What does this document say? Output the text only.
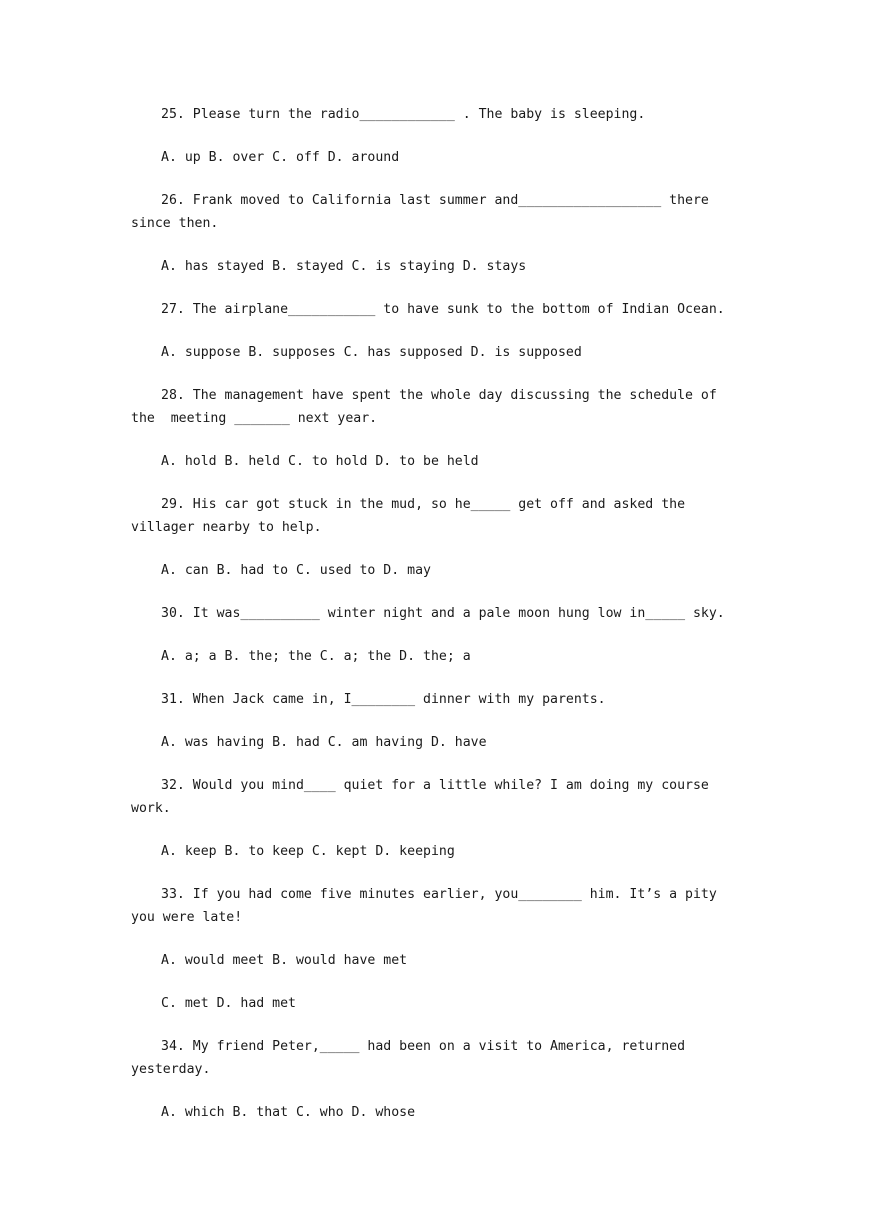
25. Please turn the radio____________ . The baby is sleeping.

A. up B. over C. off D. around

26. Frank moved to California last summer and__________________ there since then.

A. has stayed B. stayed C. is staying D. stays

27. The airplane___________ to have sunk to the bottom of Indian Ocean.

A. suppose B. supposes C. has supposed D. is supposed

28. The management have spent the whole day discussing the schedule of the  meeting _______ next year.

A. hold B. held C. to hold D. to be held

29. His car got stuck in the mud, so he_____ get off and asked the villager nearby to help.

A. can B. had to C. used to D. may

30. It was__________ winter night and a pale moon hung low in_____ sky.

A. a; a B. the; the C. a; the D. the; a

31. When Jack came in, I________ dinner with my parents.

A. was having B. had C. am having D. have

32. Would you mind____ quiet for a little while? I am doing my course work.

A. keep B. to keep C. kept D. keeping

33. If you had come five minutes earlier, you________ him. It’s a pity you were late!

A. would meet B. would have met

C. met D. had met

34. My friend Peter,_____ had been on a visit to America, returned yesterday.

A. which B. that C. who D. whose
